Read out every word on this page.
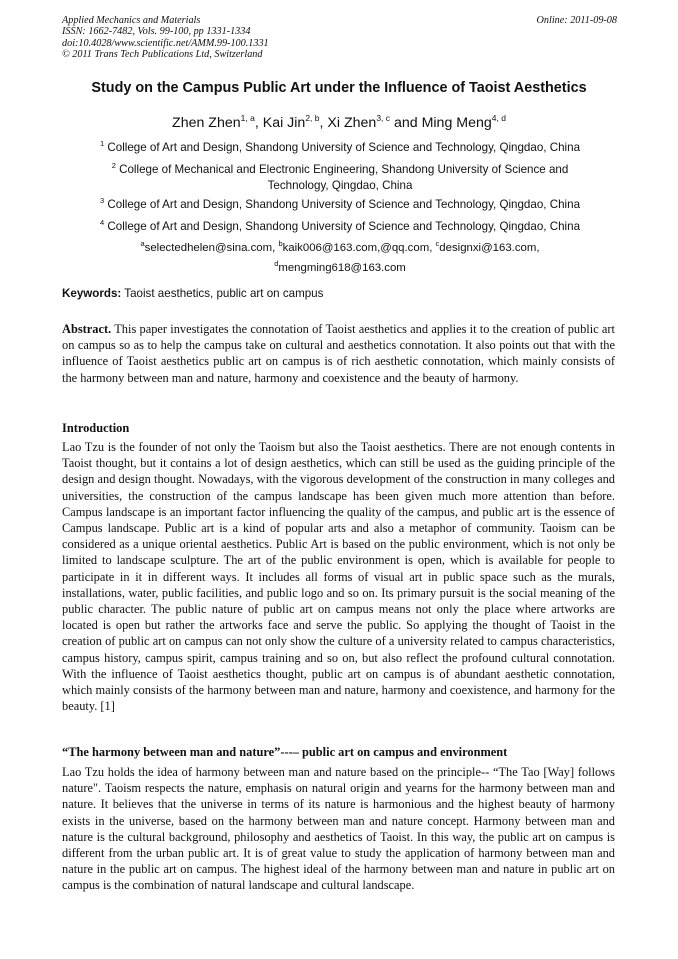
Applied Mechanics and Materials
ISSN: 1662-7482, Vols. 99-100, pp 1331-1334
doi:10.4028/www.scientific.net/AMM.99-100.1331
© 2011 Trans Tech Publications Ltd, Switzerland
Online: 2011-09-08
Study on the Campus Public Art under the Influence of Taoist Aesthetics
Zhen Zhen$^{1, a}$, Kai Jin$^{2, b}$, Xi Zhen$^{3, c}$ and Ming Meng$^{4, d}$
$^1$ College of Art and Design, Shandong University of Science and Technology, Qingdao, China
$^2$ College of Mechanical and Electronic Engineering, Shandong University of Science and Technology, Qingdao, China
$^3$ College of Art and Design, Shandong University of Science and Technology, Qingdao, China
$^4$ College of Art and Design, Shandong University of Science and Technology, Qingdao, China
$^a$selectedhelen@sina.com, $^b$kaik006@163.com,@qq.com, $^c$designxi@163.com,
$^d$mengming618@163.com
Keywords: Taoist aesthetics, public art on campus

Abstract. This paper investigates the connotation of Taoist aesthetics and applies it to the creation of public art on campus so as to help the campus take on cultural and aesthetics connotation. It also points out that with the influence of Taoist aesthetics public art on campus is of rich aesthetic connotation, which mainly consists of the harmony between man and nature, harmony and coexistence and the beauty of harmony.

Introduction

Lao Tzu is the founder of not only the Taoism but also the Taoist aesthetics. There are not enough contents in Taoist thought, but it contains a lot of design aesthetics, which can still be used as the guiding principle of the design and design thought. Nowadays, with the vigorous development of the construction in many colleges and universities, the construction of the campus landscape has been given much more attention than before. Campus landscape is an important factor influencing the quality of the campus, and public art is the essence of Campus landscape. Public art is a kind of popular arts and also a metaphor of community. Taoism can be considered as a unique oriental aesthetics. Public Art is based on the public environment, which is not only be limited to landscape sculpture. The art of the public environment is open, which is available for people to participate in it in different ways. It includes all forms of visual art in public space such as the murals, installations, water, public facilities, and public logo and so on. Its primary pursuit is the social meaning of the public character. The public nature of public art on campus means not only the place where artworks are located is open but rather the artworks face and serve the public. So applying the thought of Taoist in the creation of public art on campus can not only show the culture of a university related to campus characteristics, campus history, campus spirit, campus training and so on, but also reflect the profound cultural connotation. With the influence of Taoist aesthetics thought, public art on campus is of abundant aesthetic connotation, which mainly consists of the harmony between man and nature, harmony and coexistence, and harmony for the beauty. [1]

“The harmony between man and nature”---– public art on campus and environment

Lao Tzu holds the idea of harmony between man and nature based on the principle-- “The Tao [Way] follows nature". Taoism respects the nature, emphasis on natural origin and yearns for the harmony between man and nature. It believes that the universe in terms of its nature is harmonious and the highest beauty of harmony exists in the universe, based on the harmony between man and nature concept. Harmony between man and nature is the cultural background, philosophy and aesthetics of Taoist. In this way, the public art on campus is different from the urban public art. It is of great value to study the application of harmony between man and nature in the public art on campus. The highest ideal of the harmony between man and nature in public art on campus is the combination of natural landscape and cultural landscape.
